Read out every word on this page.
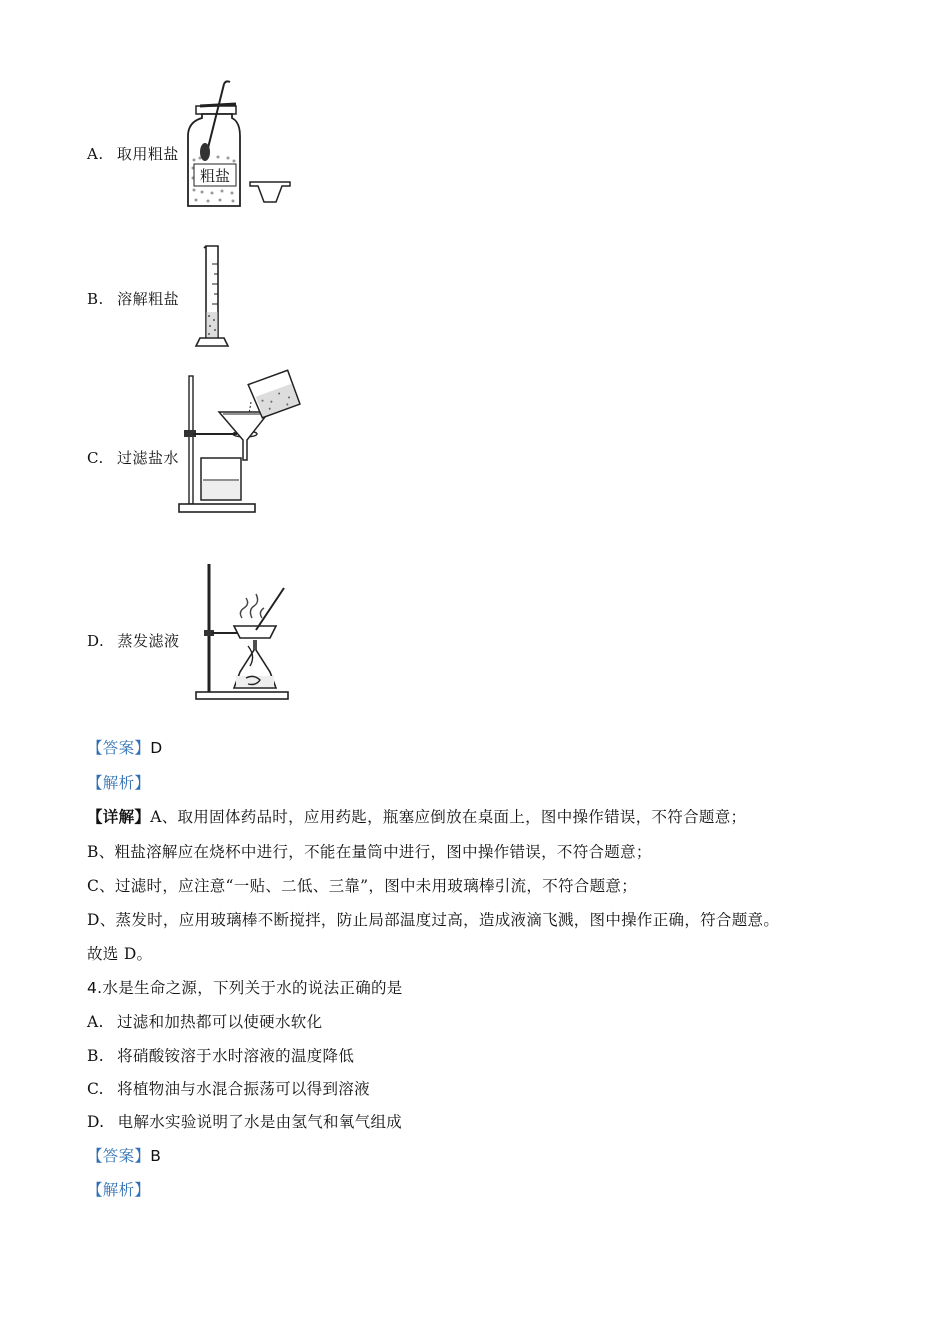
A. 取用粗盐
粗盐
B. 溶解粗盐
C. 过滤盐水
D. 蒸发滤液
【答案】D
【解析】
【详解】A、取用固体药品时，应用药匙，瓶塞应倒放在桌面上，图中操作错误，不符合题意；
B、粗盐溶解应在烧杯中进行，不能在量筒中进行，图中操作错误，不符合题意；
C、过滤时，应注意“一贴、二低、三靠”，图中未用玻璃棒引流，不符合题意；
D、蒸发时，应用玻璃棒不断搅拌，防止局部温度过高，造成液滴飞溅，图中操作正确，符合题意。
故选 D。
4.水是生命之源，下列关于水的说法正确的是
A. 过滤和加热都可以使硬水软化
B. 将硝酸铵溶于水时溶液的温度降低
C. 将植物油与水混合振荡可以得到溶液
D. 电解水实验说明了水是由氢气和氧气组成
【答案】B
【解析】
